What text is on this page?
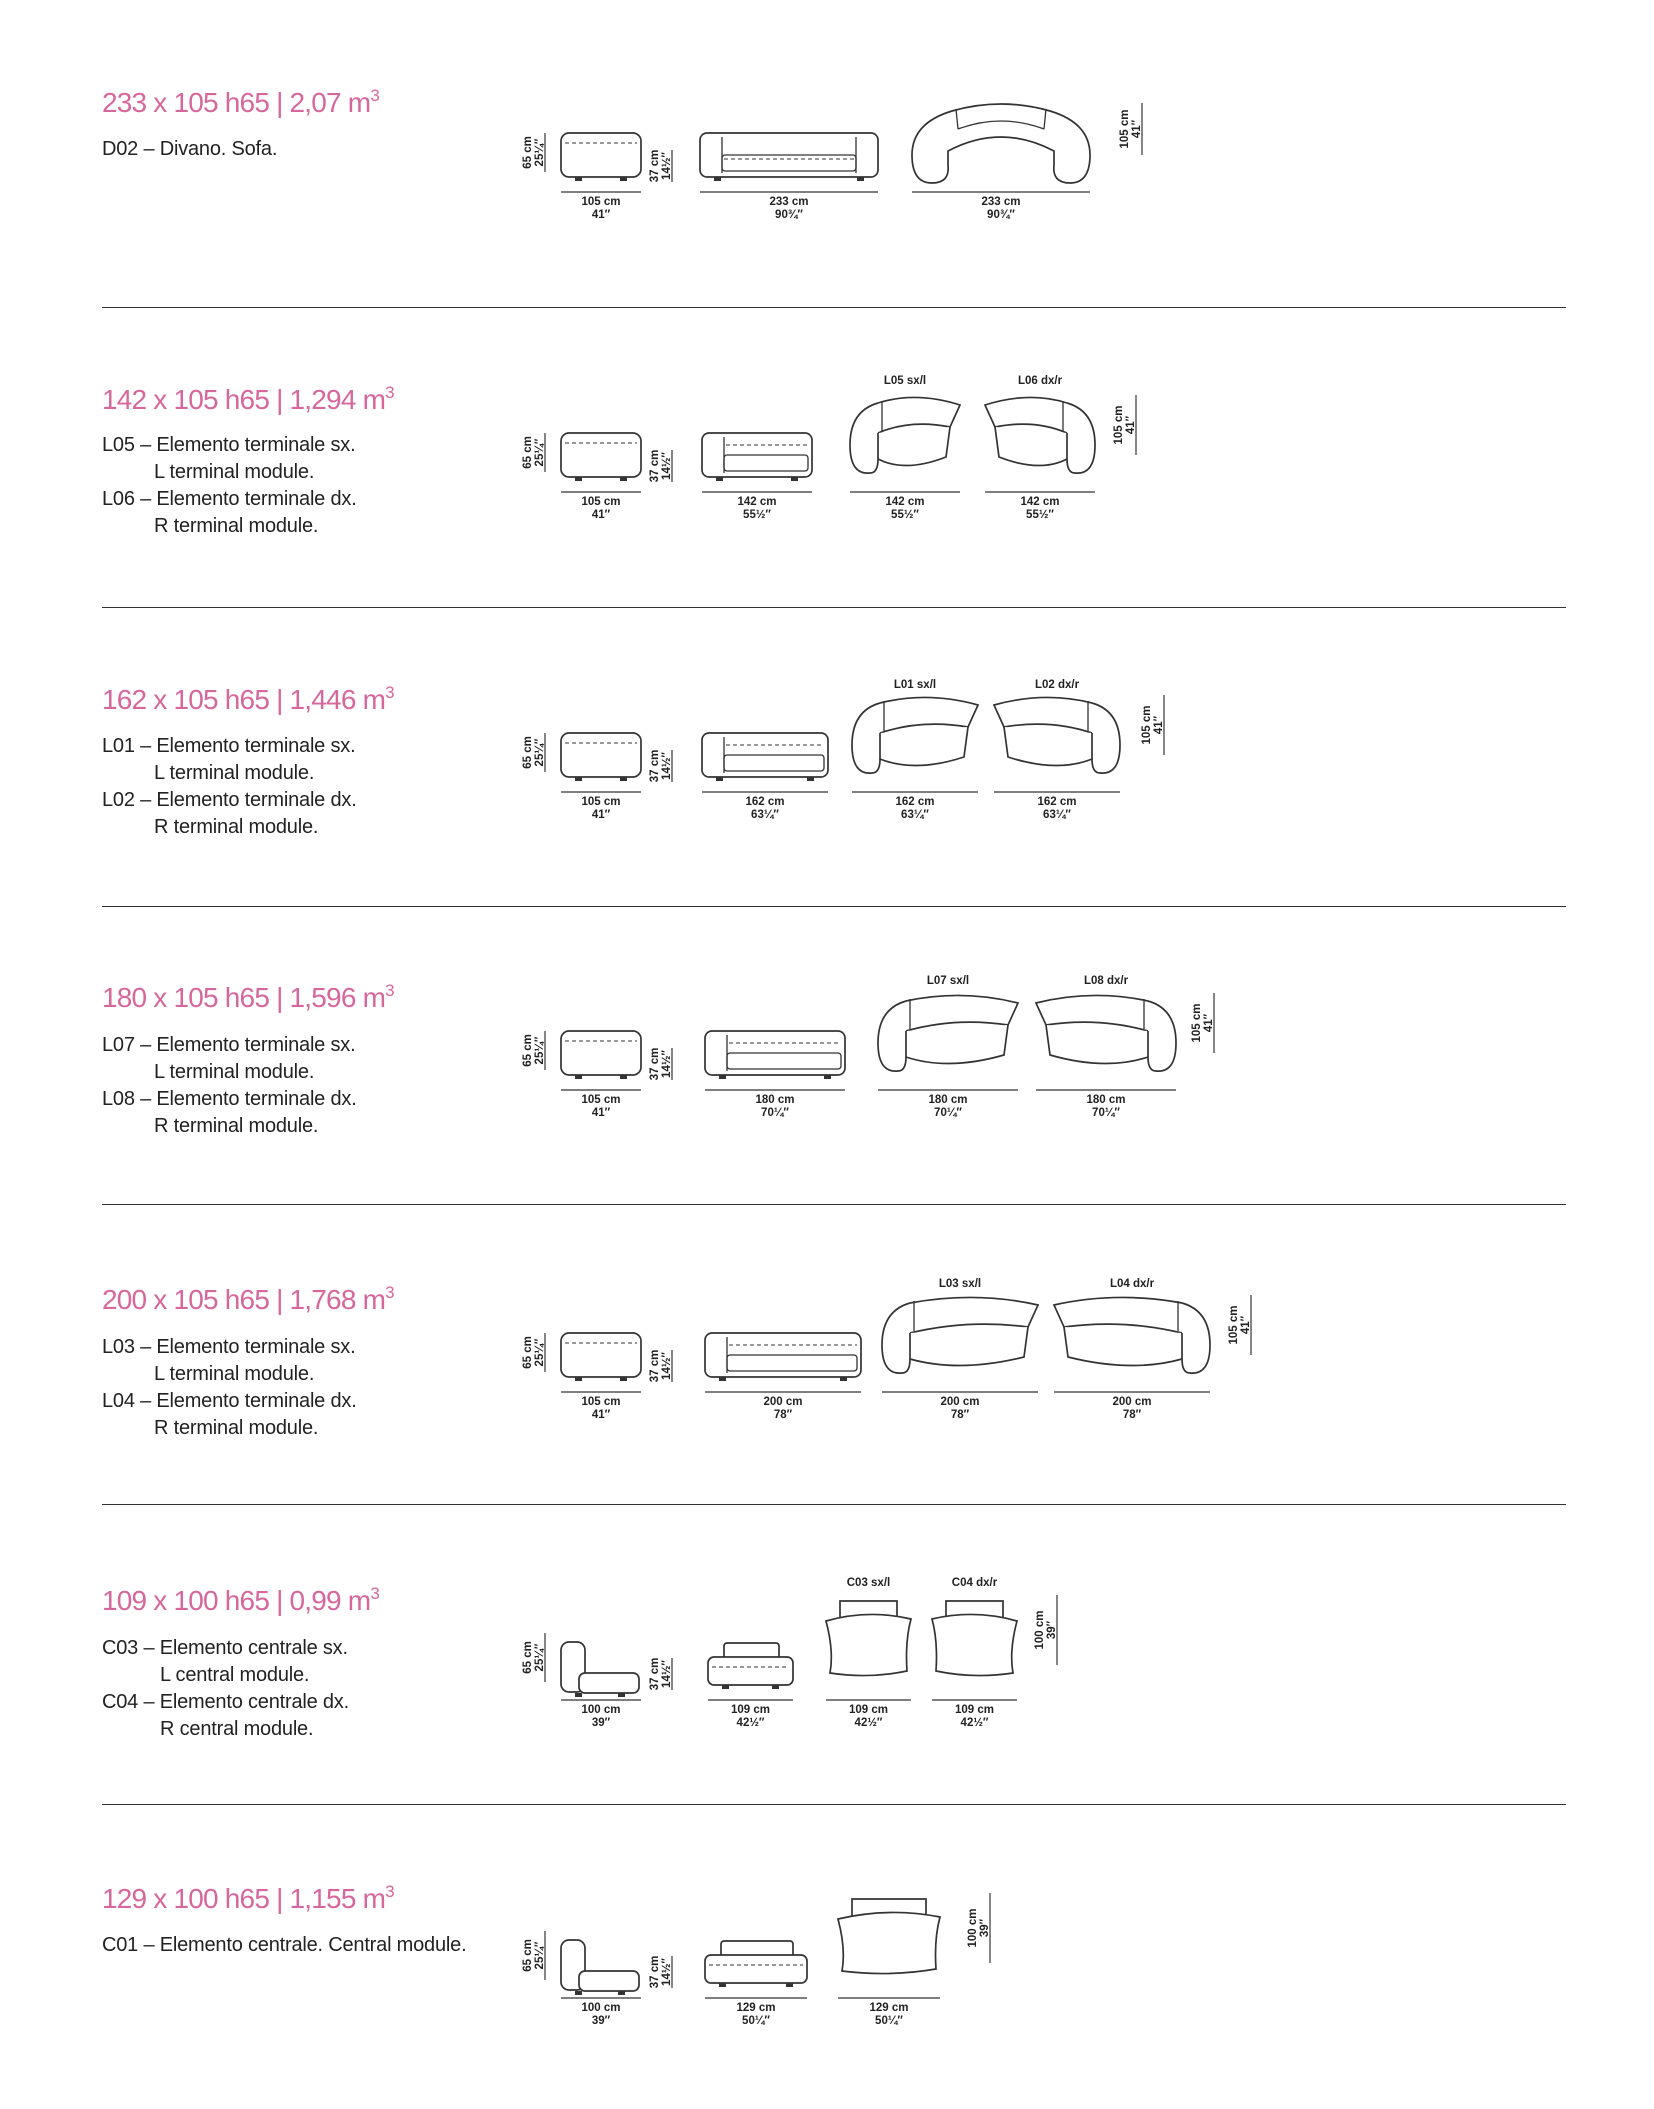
233 x 105 h65 | 2,07 $m^3$
D02 – Divano. Sofa.	65 cm 25¼″
105 cm
41″
37 cm 14½″
233 cm
90¾″
233 cm
90¾″
105 cm 41″
142 x 105 h65 | 1,294 $m^3$
L05 – Elemento terminale sx.
L terminal module.
L06 – Elemento terminale dx.
R terminal module.
65 cm 25¼″
105 cm
41″
37 cm 14½″
142 cm
55½″
L05 sx/l
142 cm
55½″
L06 dx/r
142 cm
55½″
105 cm 41″
162 x 105 h65 | 1,446 $m^3$
L01 – Elemento terminale sx.
L terminal module.
L02 – Elemento terminale dx.
R terminal module.
65 cm 25¼″
105 cm
41″
37 cm 14½″
162 cm
63¼″
L01 sx/l
162 cm
63¼″
L02 dx/r
162 cm
63¼″
105 cm 41″
180 x 105 h65 | 1,596 $m^3$
L07 – Elemento terminale sx.
L terminal module.
L08 – Elemento terminale dx.
R terminal module.
65 cm 25¼″
105 cm
41″
37 cm 14½″
180 cm
70¼″
L07 sx/l
180 cm
70¼″
L08 dx/r
180 cm
70¼″
105 cm 41″
200 x 105 h65 | 1,768 $m^3$
L03 – Elemento terminale sx.
L terminal module.
L04 – Elemento terminale dx.
R terminal module.
65 cm 25¼″
105 cm
41″
37 cm 14½″
200 cm
78″
L03 sx/l
200 cm
78″
L04 dx/r
200 cm
78″
105 cm 41″
109 x 100 h65 | 0,99 $m^3$
C03 – Elemento centrale sx.
L central module.
C04 – Elemento centrale dx.
R central module.
65 cm 25¼″
100 cm
39″
37 cm 14½″
109 cm
42½″
C03 sx/l
109 cm
42½″
C04 dx/r
109 cm
42½″
100 cm 39″
129 x 100 h65 | 1,155 $m^3$
C01 – Elemento centrale. Central module.	65 cm 25¼″
100 cm
39″
37 cm 14½″
129 cm
50¼″
129 cm
50¼″
100 cm 39″
